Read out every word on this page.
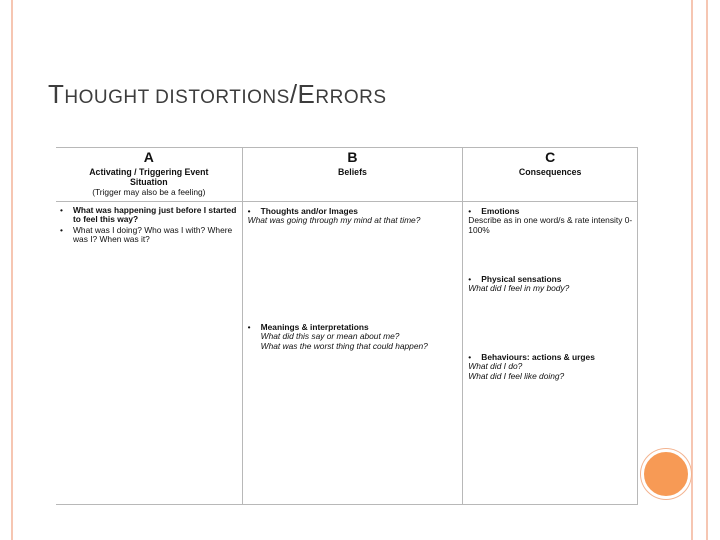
THOUGHT DISTORTIONS/ERRORS
A
Activating / Triggering Event
Situation
(Trigger may also be a feeling)
• What was happening just before I started to feel this way?
• What was I doing? Who was I with? Where was I? When was it?
B
Beliefs
• Thoughts and/or Images
What was going through my mind at that time?
• Meanings & interpretations
What did this say or mean about me?
What was the worst thing that could happen?
C
Consequences
• Emotions
Describe as in one word/s & rate intensity 0-100%
• Physical sensations
What did I feel in my body?
• Behaviours: actions & urges
What did I do?
What did I feel like doing?
